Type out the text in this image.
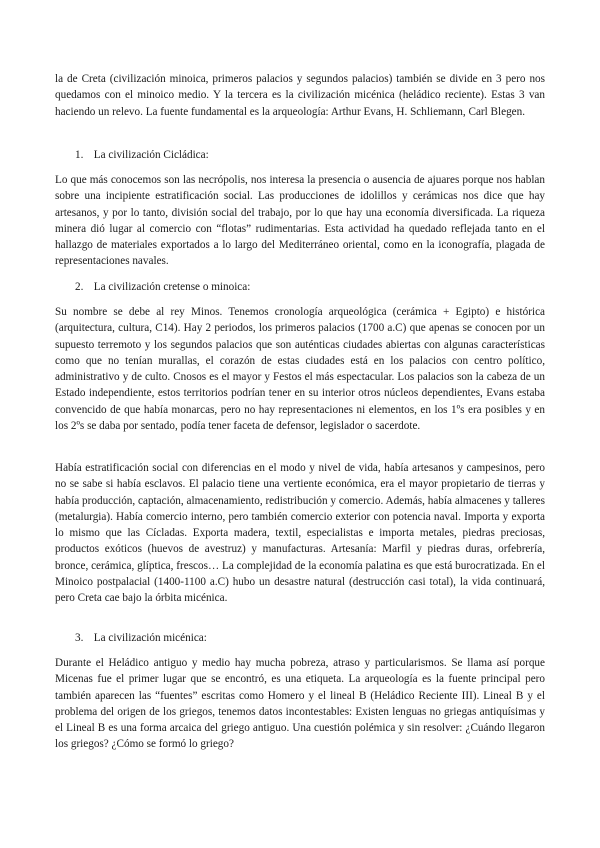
la de Creta (civilización minoica, primeros palacios y segundos palacios) también se divide en 3 pero nos quedamos con el minoico medio. Y la tercera es la civilización micénica (heládico reciente). Estas 3 van haciendo un relevo. La fuente fundamental es la arqueología: Arthur Evans, H. Schliemann, Carl Blegen.

1. La civilización Cicládica:

Lo que más conocemos son las necrópolis, nos interesa la presencia o ausencia de ajuares porque nos hablan sobre una incipiente estratificación social. Las producciones de idolillos y cerámicas nos dice que hay artesanos, y por lo tanto, división social del trabajo, por lo que hay una economía diversificada. La riqueza minera dió lugar al comercio con “flotas” rudimentarias. Esta actividad ha quedado reflejada tanto en el hallazgo de materiales exportados a lo largo del Mediterráneo oriental, como en la iconografía, plagada de representaciones navales.

2. La civilización cretense o minoica:

Su nombre se debe al rey Minos. Tenemos cronología arqueológica (cerámica + Egipto) e histórica (arquitectura, cultura, C14). Hay 2 periodos, los primeros palacios (1700 a.C) que apenas se conocen por un supuesto terremoto y los segundos palacios que son auténticas ciudades abiertas con algunas características como que no tenían murallas, el corazón de estas ciudades está en los palacios con centro político, administrativo y de culto. Cnosos es el mayor y Festos el más espectacular. Los palacios son la cabeza de un Estado independiente, estos territorios podrían tener en su interior otros núcleos dependientes, Evans estaba convencido de que había monarcas, pero no hay representaciones ni elementos, en los 1ºs era posibles y en los 2ºs se daba por sentado, podía tener faceta de defensor, legislador o sacerdote.

Había estratificación social con diferencias en el modo y nivel de vida, había artesanos y campesinos, pero no se sabe si había esclavos. El palacio tiene una vertiente económica, era el mayor propietario de tierras y había producción, captación, almacenamiento, redistribución y comercio. Además, había almacenes y talleres (metalurgia). Había comercio interno, pero también comercio exterior con potencia naval. Importa y exporta lo mismo que las Cícladas. Exporta madera, textil, especialistas e importa metales, piedras preciosas, productos exóticos (huevos de avestruz) y manufacturas. Artesanía: Marfil y piedras duras, orfebrería, bronce, cerámica, glíptica, frescos… La complejidad de la economía palatina es que está burocratizada. En el Minoico postpalacial (1400-1100 a.C) hubo un desastre natural (destrucción casi total), la vida continuará, pero Creta cae bajo la órbita micénica.

3. La civilización micénica:

Durante el Heládico antiguo y medio hay mucha pobreza, atraso y particularismos. Se llama así porque Micenas fue el primer lugar que se encontró, es una etiqueta. La arqueología es la fuente principal pero también aparecen las “fuentes” escritas como Homero y el lineal B (Heládico Reciente III). Lineal B y el problema del origen de los griegos, tenemos datos incontestables: Existen lenguas no griegas antiquísimas y el Lineal B es una forma arcaica del griego antiguo. Una cuestión polémica y sin resolver: ¿Cuándo llegaron los griegos? ¿Cómo se formó lo griego?
